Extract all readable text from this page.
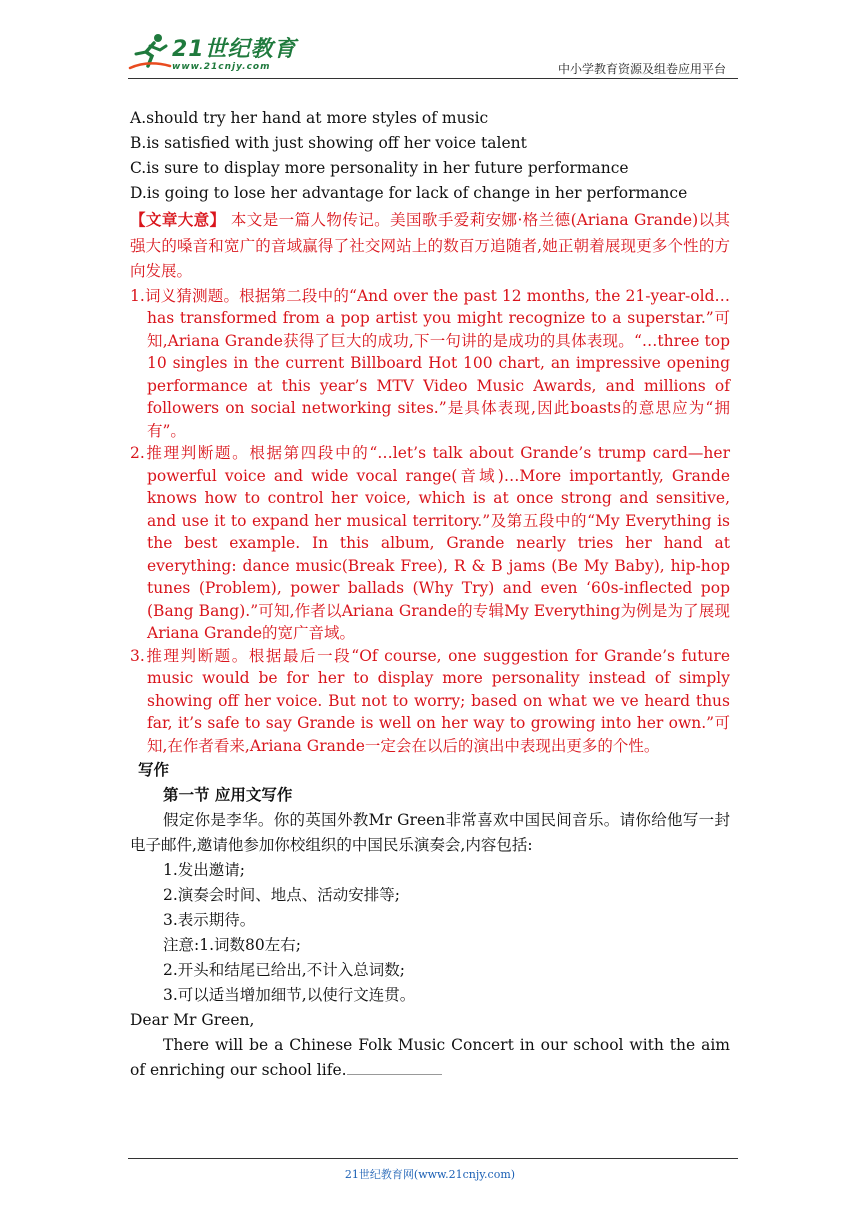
21世纪教育
www.21cnjy.com	中小学教育资源及组卷应用平台
A.should try her hand at more styles of music
B.is satisfied with just showing off her voice talent
C.is sure to display more personality in her future performance
D.is going to lose her advantage for lack of change in her performance

【文章大意】 本文是一篇人物传记。美国歌手爱莉安娜·格兰德(Ariana Grande)以其强大的嗓音和宽广的音域赢得了社交网站上的数百万追随者,她正朝着展现更多个性的方向发展。

1.词义猜测题。根据第二段中的“And over the past 12 months, the 21-year-old…has transformed from a pop artist you might recognize to a superstar.”可知,Ariana Grande获得了巨大的成功,下一句讲的是成功的具体表现。“…three top 10 singles in the current Billboard Hot 100 chart, an impressive opening performance at this year’s MTV Video Music Awards, and millions of followers on social networking sites.”是具体表现,因此boasts的意思应为“拥有”。

2.推理判断题。根据第四段中的“…let’s talk about Grande’s trump card—her powerful voice and wide vocal range(音域)…More importantly, Grande knows how to control her voice, which is at once strong and sensitive, and use it to expand her musical territory.”及第五段中的“My Everything is the best example. In this album, Grande nearly tries her hand at everything: dance music(Break Free), R & B jams (Be My Baby), hip-hop tunes (Problem), power ballads (Why Try) and even ‘60s-inflected pop (Bang Bang).”可知,作者以Ariana Grande的专辑My Everything为例是为了展现Ariana Grande的宽广音域。

3.推理判断题。根据最后一段“Of course, one suggestion for Grande’s future music would be for her to display more personality instead of simply showing off her voice. But not to worry; based on what we ve heard thus far, it’s safe to say Grande is well on her way to growing into her own.”可知,在作者看来,Ariana Grande一定会在以后的演出中表现出更多的个性。

写作
第一节 应用文写作

假定你是李华。你的英国外教Mr Green非常喜欢中国民间音乐。请你给他写一封电子邮件,邀请他参加你校组织的中国民乐演奏会,内容包括:

1.发出邀请;
2.演奏会时间、地点、活动安排等;
3.表示期待。
注意:1.词数80左右;
2.开头和结尾已给出,不计入总词数;
3.可以适当增加细节,以使行文连贯。
Dear Mr Green,

There will be a Chinese Folk Music Concert in our school with the aim of enriching our school life.

21世纪教育网(www.21cnjy.com)
